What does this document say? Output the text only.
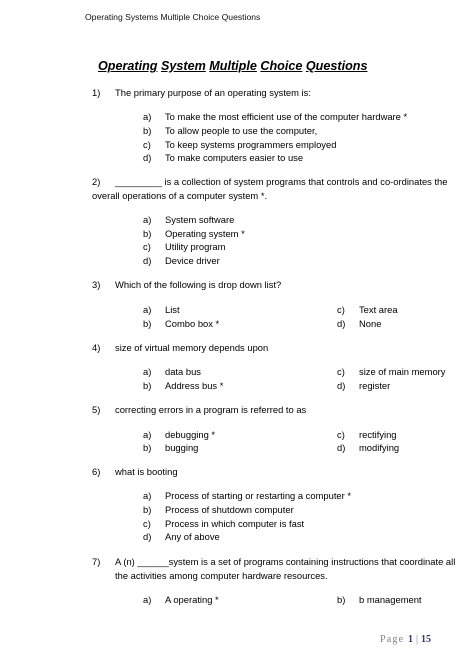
Operating Systems Multiple Choice Questions
Operating System Multiple Choice Questions
1) The primary purpose of an operating system is:
a) To make the most efficient use of the computer hardware *
b) To allow people to use the computer,
c) To keep systems programmers employed
d) To make computers easier to use
2) _________ is a collection of system programs that controls and co-ordinates the
overall operations of a computer system *.
a) System software
b) Operating system *
c) Utility program
d) Device driver
3) Which of the following is drop down list?
a) List
b) Combo box *
c) Text area
d) None
4) size of virtual memory depends upon
a) data bus
b) Address bus *
c) size of main memory
d) register
5) correcting errors in a program is referred to as
a) debugging *
b) bugging
c) rectifying
d) modifying
6) what is booting
a) Process of starting or restarting a computer *
b) Process of shutdown computer
c) Process in which computer is fast
d) Any of above
7) A (n) ______system is a set of programs containing instructions that coordinate all
the activities among computer hardware resources.
a) A operating *	b) b management
Page 1 | 15
